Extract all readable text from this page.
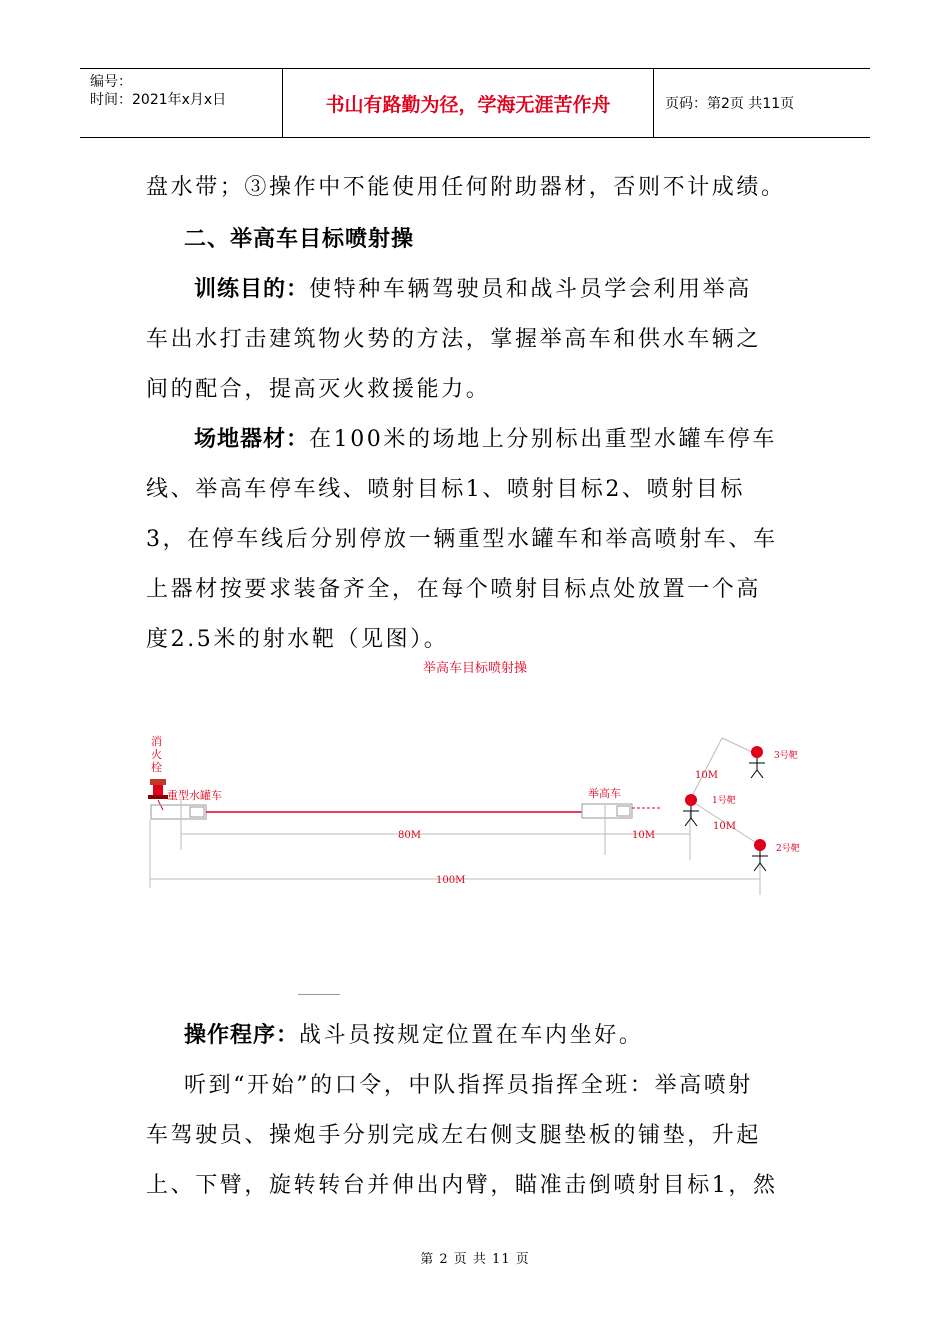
编号：
时间：2021年x月x日	书山有路勤为径，学海无涯苦作舟	页码：第2页 共11页
盘水带；③操作中不能使用任何附助器材，否则不计成绩。
二、举高车目标喷射操
训练目的：使特种车辆驾驶员和战斗员学会利用举高
车出水打击建筑物火势的方法，掌握举高车和供水车辆之
间的配合，提高灭火救援能力。
场地器材：在100米的场地上分别标出重型水罐车停车
线、举高车停车线、喷射目标1、喷射目标2、喷射目标
3，在停车线后分别停放一辆重型水罐车和举高喷射车、车
上器材按要求装备齐全，在每个喷射目标点处放置一个高
度2.5米的射水靶（见图）。
举高车目标喷射操
消
火
栓
重型水罐车	举高车
80M	10M
10M
10M
100M
3号靶
1号靶
2号靶
操作程序：战斗员按规定位置在车内坐好。
听到“开始”的口令，中队指挥员指挥全班：举高喷射
车驾驶员、操炮手分别完成左右侧支腿垫板的铺垫，升起
上、下臂，旋转转台并伸出内臂，瞄准击倒喷射目标1，然
第 2 页 共 11 页
